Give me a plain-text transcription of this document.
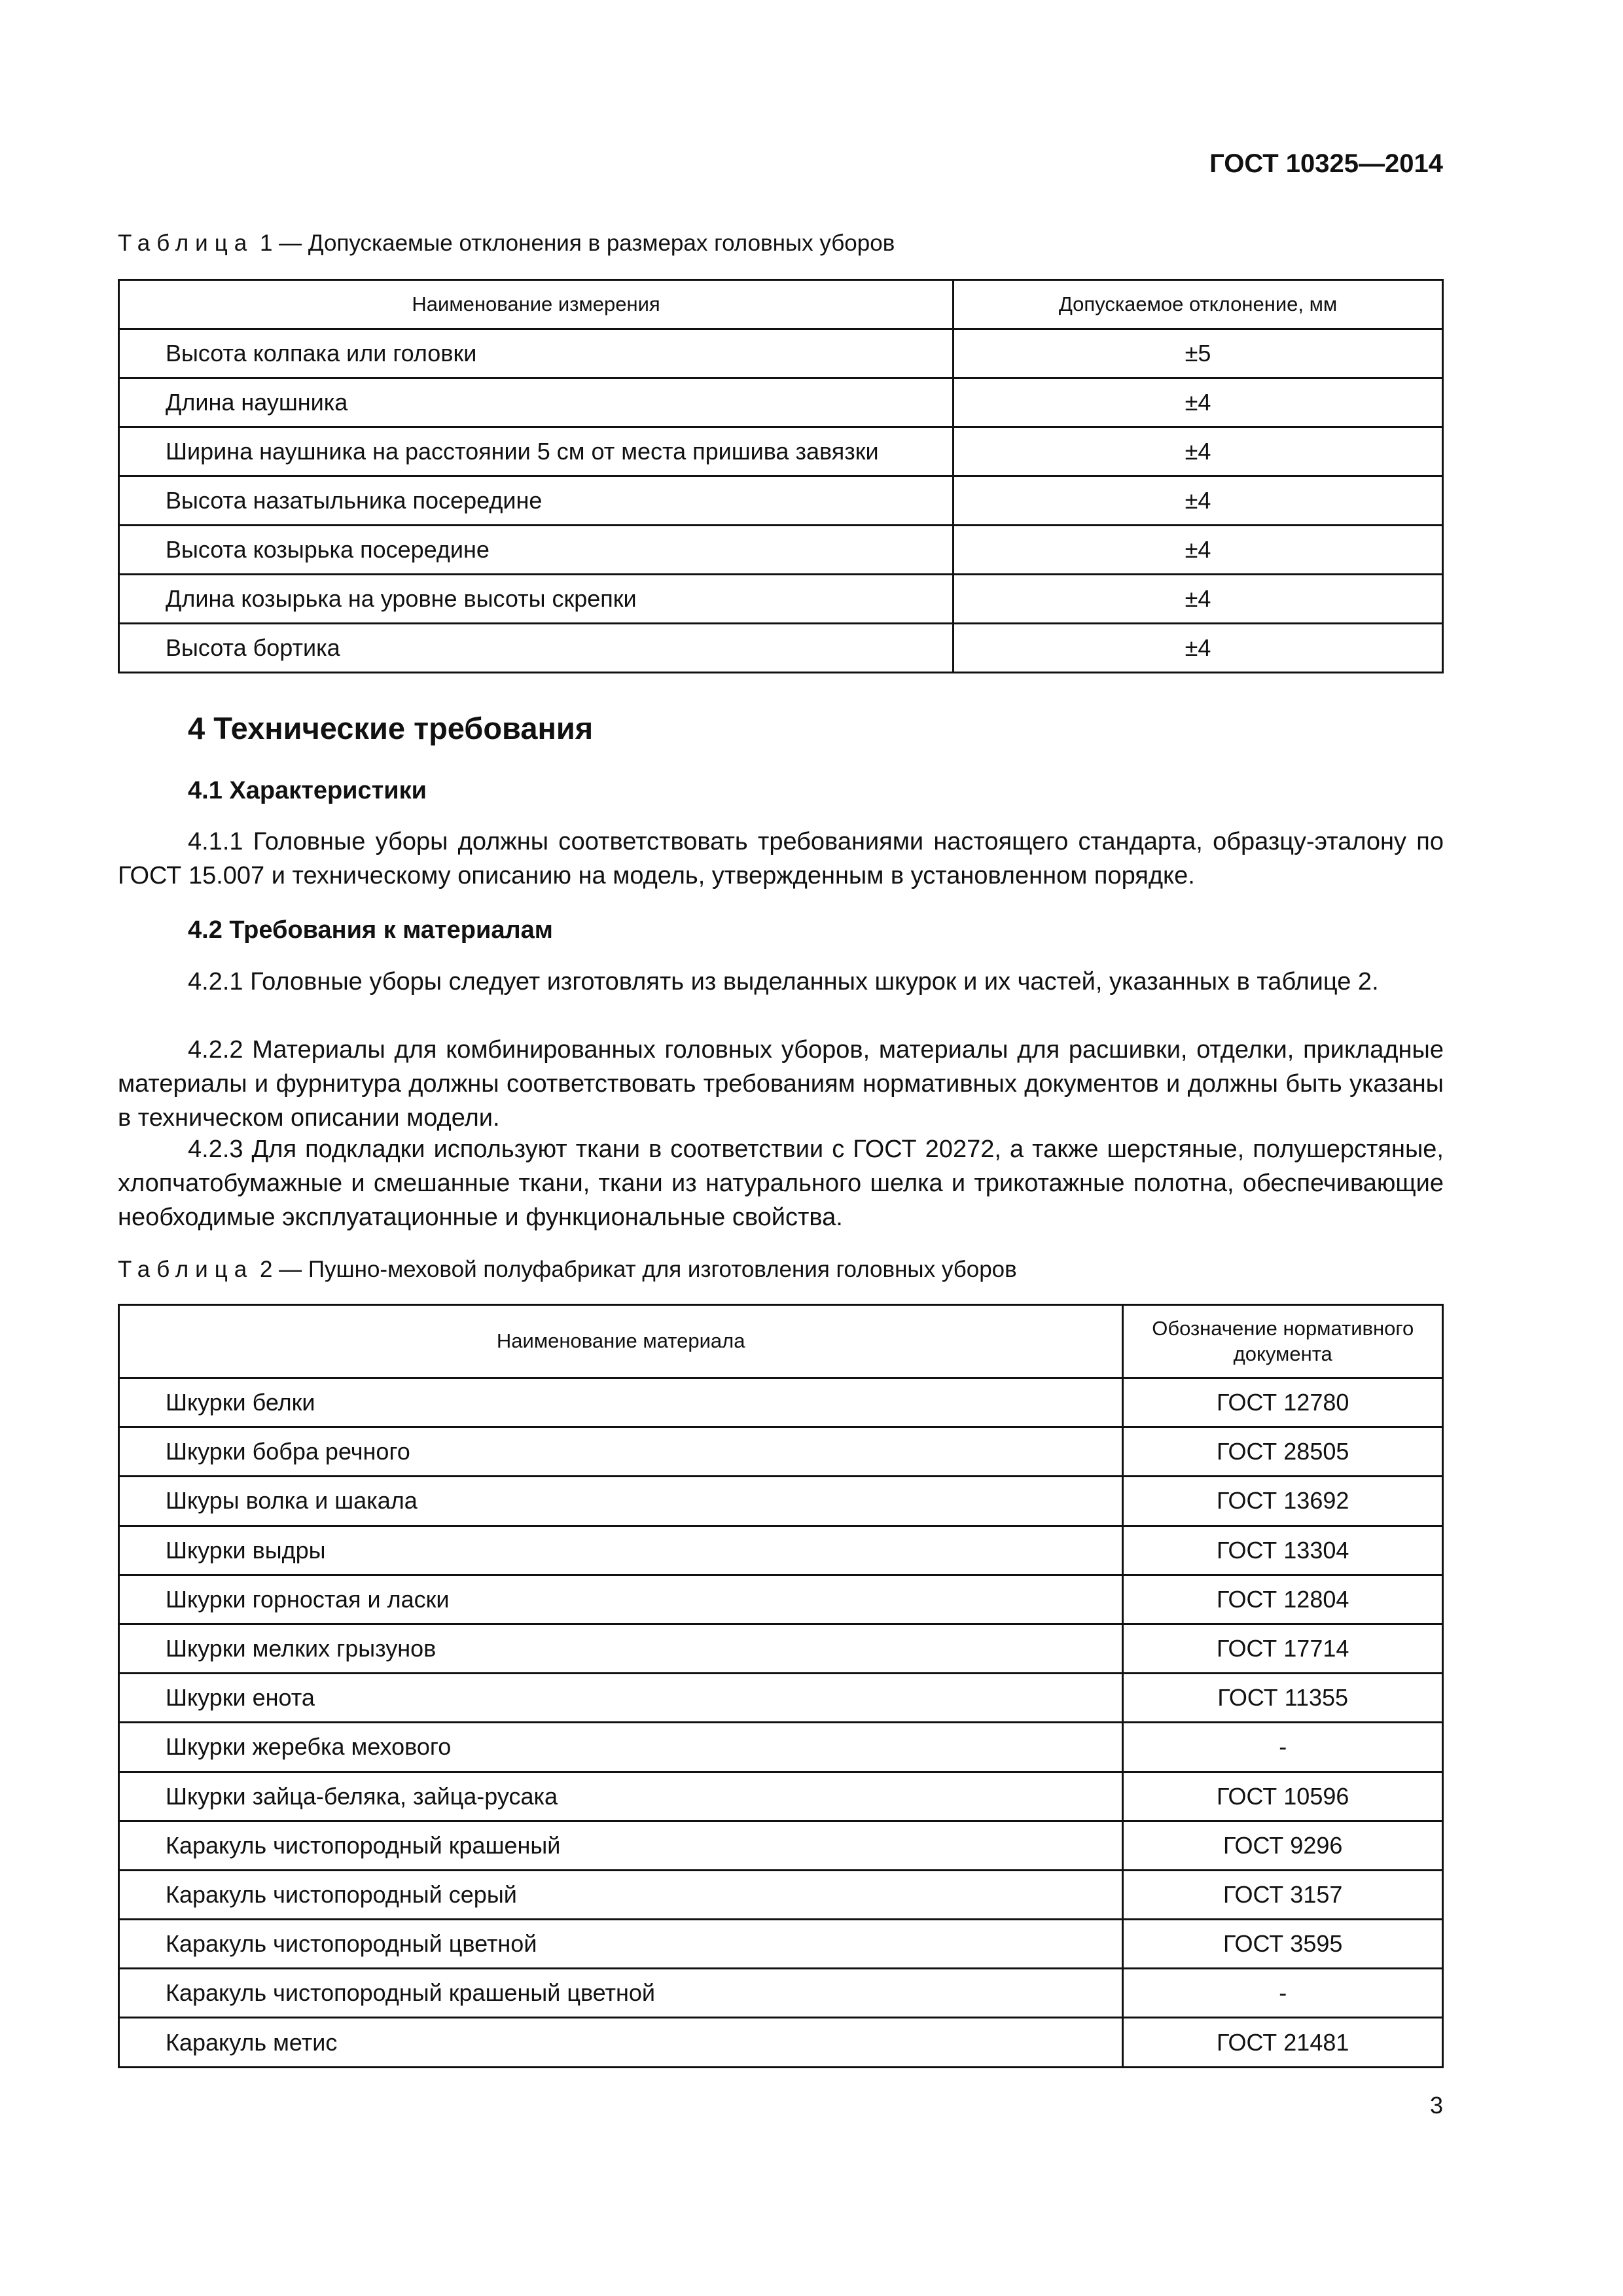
ГОСТ 10325—2014
Таблица 1 — Допускаемые отклонения в размерах головных уборов
Наименование измерения	Допускаемое отклонение, мм
Высота колпака или головки	±5
Длина наушника	±4
Ширина наушника на расстоянии 5 см от места пришива завязки	±4
Высота назатыльника посередине	±4
Высота козырька посередине	±4
Длина козырька на уровне высоты скрепки	±4
Высота бортика	±4
4 Технические требования
4.1 Характеристики
4.1.1 Головные уборы должны соответствовать требованиями настоящего стандарта, образцу-эталону по ГОСТ 15.007 и техническому описанию на модель, утвержденным в установленном порядке.
4.2 Требования к материалам
4.2.1 Головные уборы следует изготовлять из выделанных шкурок и их частей, указанных в таблице 2.
4.2.2 Материалы для комбинированных головных уборов, материалы для расшивки, отделки, прикладные материалы и фурнитура должны соответствовать требованиям нормативных документов и должны быть указаны в техническом описании модели.
4.2.3 Для подкладки используют ткани в соответствии с ГОСТ 20272, а также шерстяные, полушерстяные, хлопчатобумажные и смешанные ткани, ткани из натурального шелка и трикотажные полотна, обеспечивающие необходимые эксплуатационные и функциональные свойства.
Таблица 2 — Пушно-меховой полуфабрикат для изготовления головных уборов
Наименование материала	Обозначение нормативного документа
Шкурки белки	ГОСТ 12780
Шкурки бобра речного	ГОСТ 28505
Шкуры волка и шакала	ГОСТ 13692
Шкурки выдры	ГОСТ 13304
Шкурки горностая и ласки	ГОСТ 12804
Шкурки мелких грызунов	ГОСТ 17714
Шкурки енота	ГОСТ 11355
Шкурки жеребка мехового	-
Шкурки зайца-беляка, зайца-русака	ГОСТ 10596
Каракуль чистопородный крашеный	ГОСТ 9296
Каракуль чистопородный серый	ГОСТ 3157
Каракуль чистопородный цветной	ГОСТ 3595
Каракуль чистопородный крашеный цветной	-
Каракуль метис	ГОСТ 21481
3
